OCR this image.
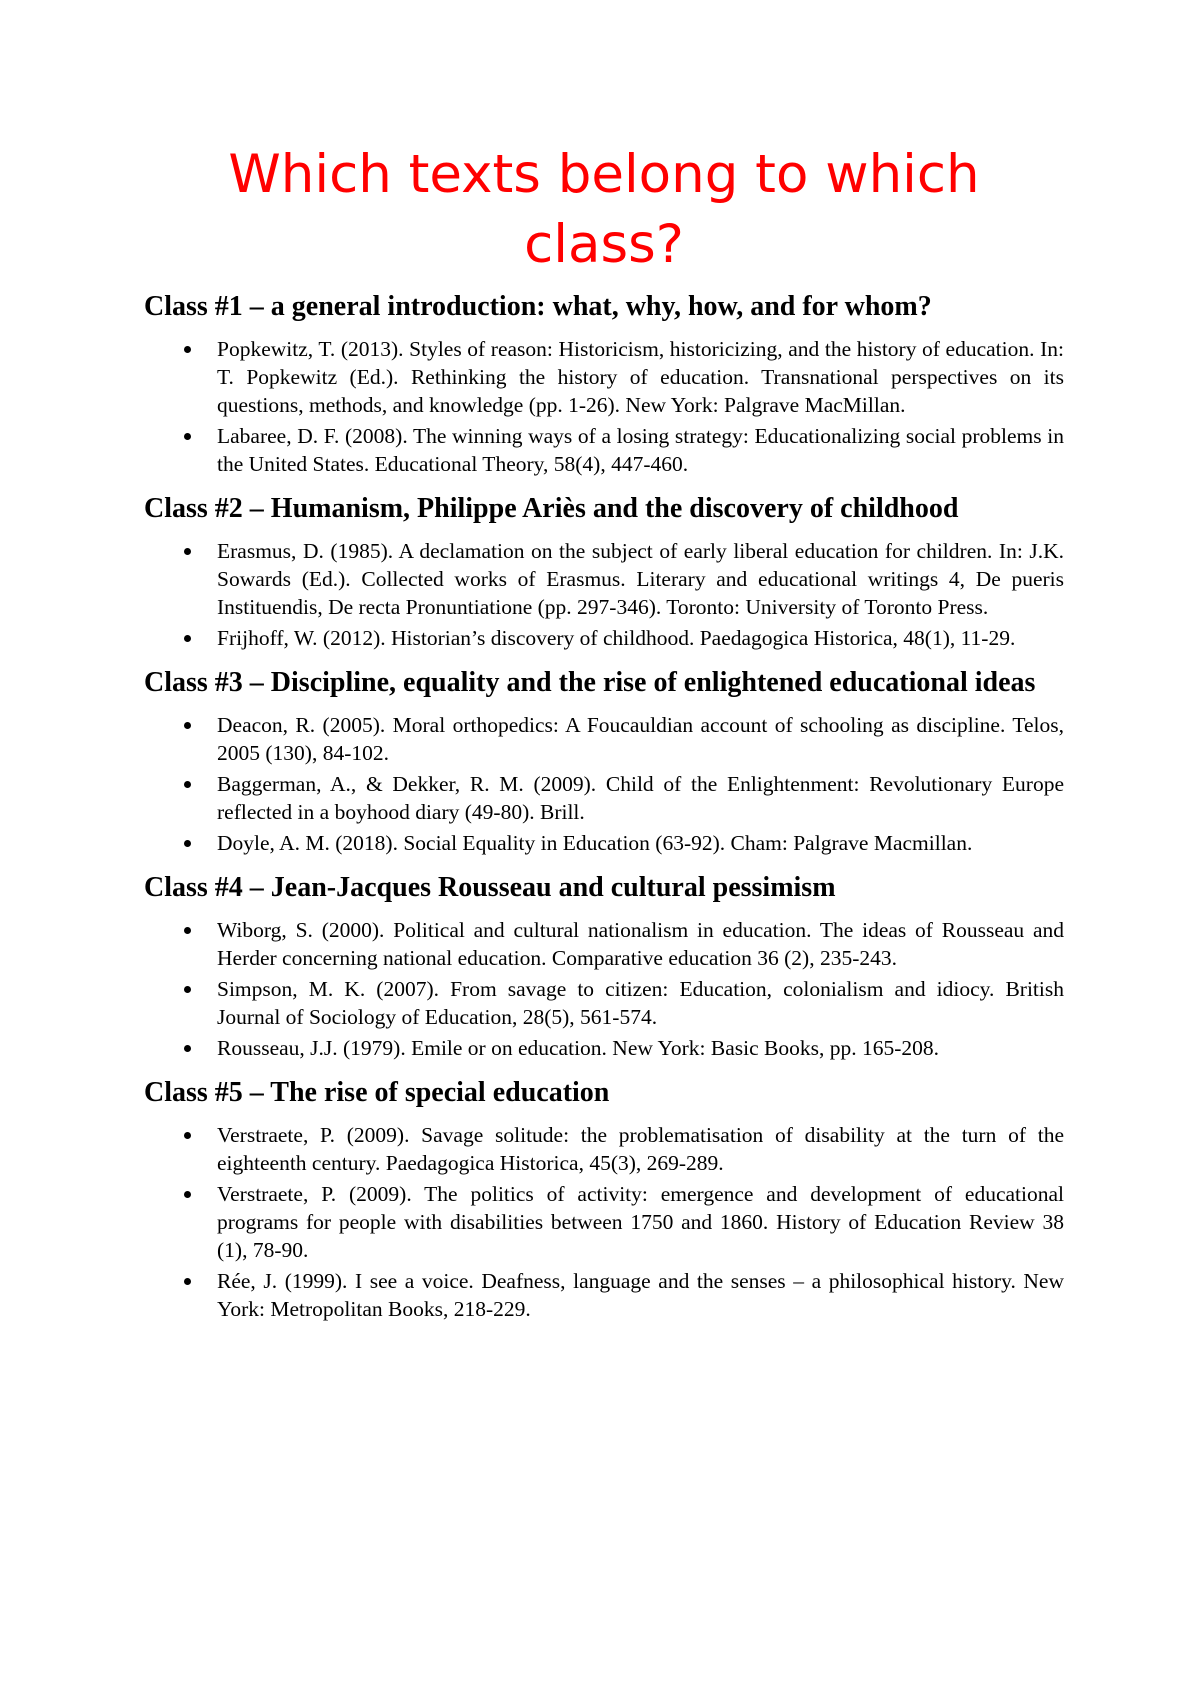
Which texts belong to which class?
Class #1 – a general introduction: what, why, how, and for whom?
Popkewitz, T. (2013). Styles of reason: Historicism, historicizing, and the history of education. In: T. Popkewitz (Ed.). Rethinking the history of education. Transnational perspectives on its questions, methods, and knowledge (pp. 1-26). New York: Palgrave MacMillan.
Labaree, D. F. (2008). The winning ways of a losing strategy: Educationalizing social problems in the United States. Educational Theory, 58(4), 447-460.
Class #2 – Humanism, Philippe Ariès and the discovery of childhood
Erasmus, D. (1985). A declamation on the subject of early liberal education for children. In: J.K. Sowards (Ed.). Collected works of Erasmus. Literary and educational writings 4, De pueris Instituendis, De recta Pronuntiatione (pp. 297-346). Toronto: University of Toronto Press.
Frijhoff, W. (2012). Historian’s discovery of childhood. Paedagogica Historica, 48(1), 11-29.
Class #3 – Discipline, equality and the rise of enlightened educational ideas
Deacon, R. (2005). Moral orthopedics: A Foucauldian account of schooling as discipline. Telos, 2005 (130), 84-102.
Baggerman, A., & Dekker, R. M. (2009). Child of the Enlightenment: Revolutionary Europe reflected in a boyhood diary (49-80). Brill.
Doyle, A. M. (2018). Social Equality in Education (63-92). Cham: Palgrave Macmillan.
Class #4 – Jean-Jacques Rousseau and cultural pessimism
Wiborg, S. (2000). Political and cultural nationalism in education. The ideas of Rousseau and Herder concerning national education. Comparative education 36 (2), 235-243.
Simpson, M. K. (2007). From savage to citizen: Education, colonialism and idiocy. British Journal of Sociology of Education, 28(5), 561-574.
Rousseau, J.J. (1979). Emile or on education. New York: Basic Books, pp. 165-208.
Class #5 – The rise of special education
Verstraete, P. (2009). Savage solitude: the problematisation of disability at the turn of the eighteenth century. Paedagogica Historica, 45(3), 269-289.
Verstraete, P. (2009). The politics of activity: emergence and development of educational programs for people with disabilities between 1750 and 1860. History of Education Review 38 (1), 78-90.
Rée, J. (1999). I see a voice. Deafness, language and the senses – a philosophical history. New York: Metropolitan Books, 218-229.
